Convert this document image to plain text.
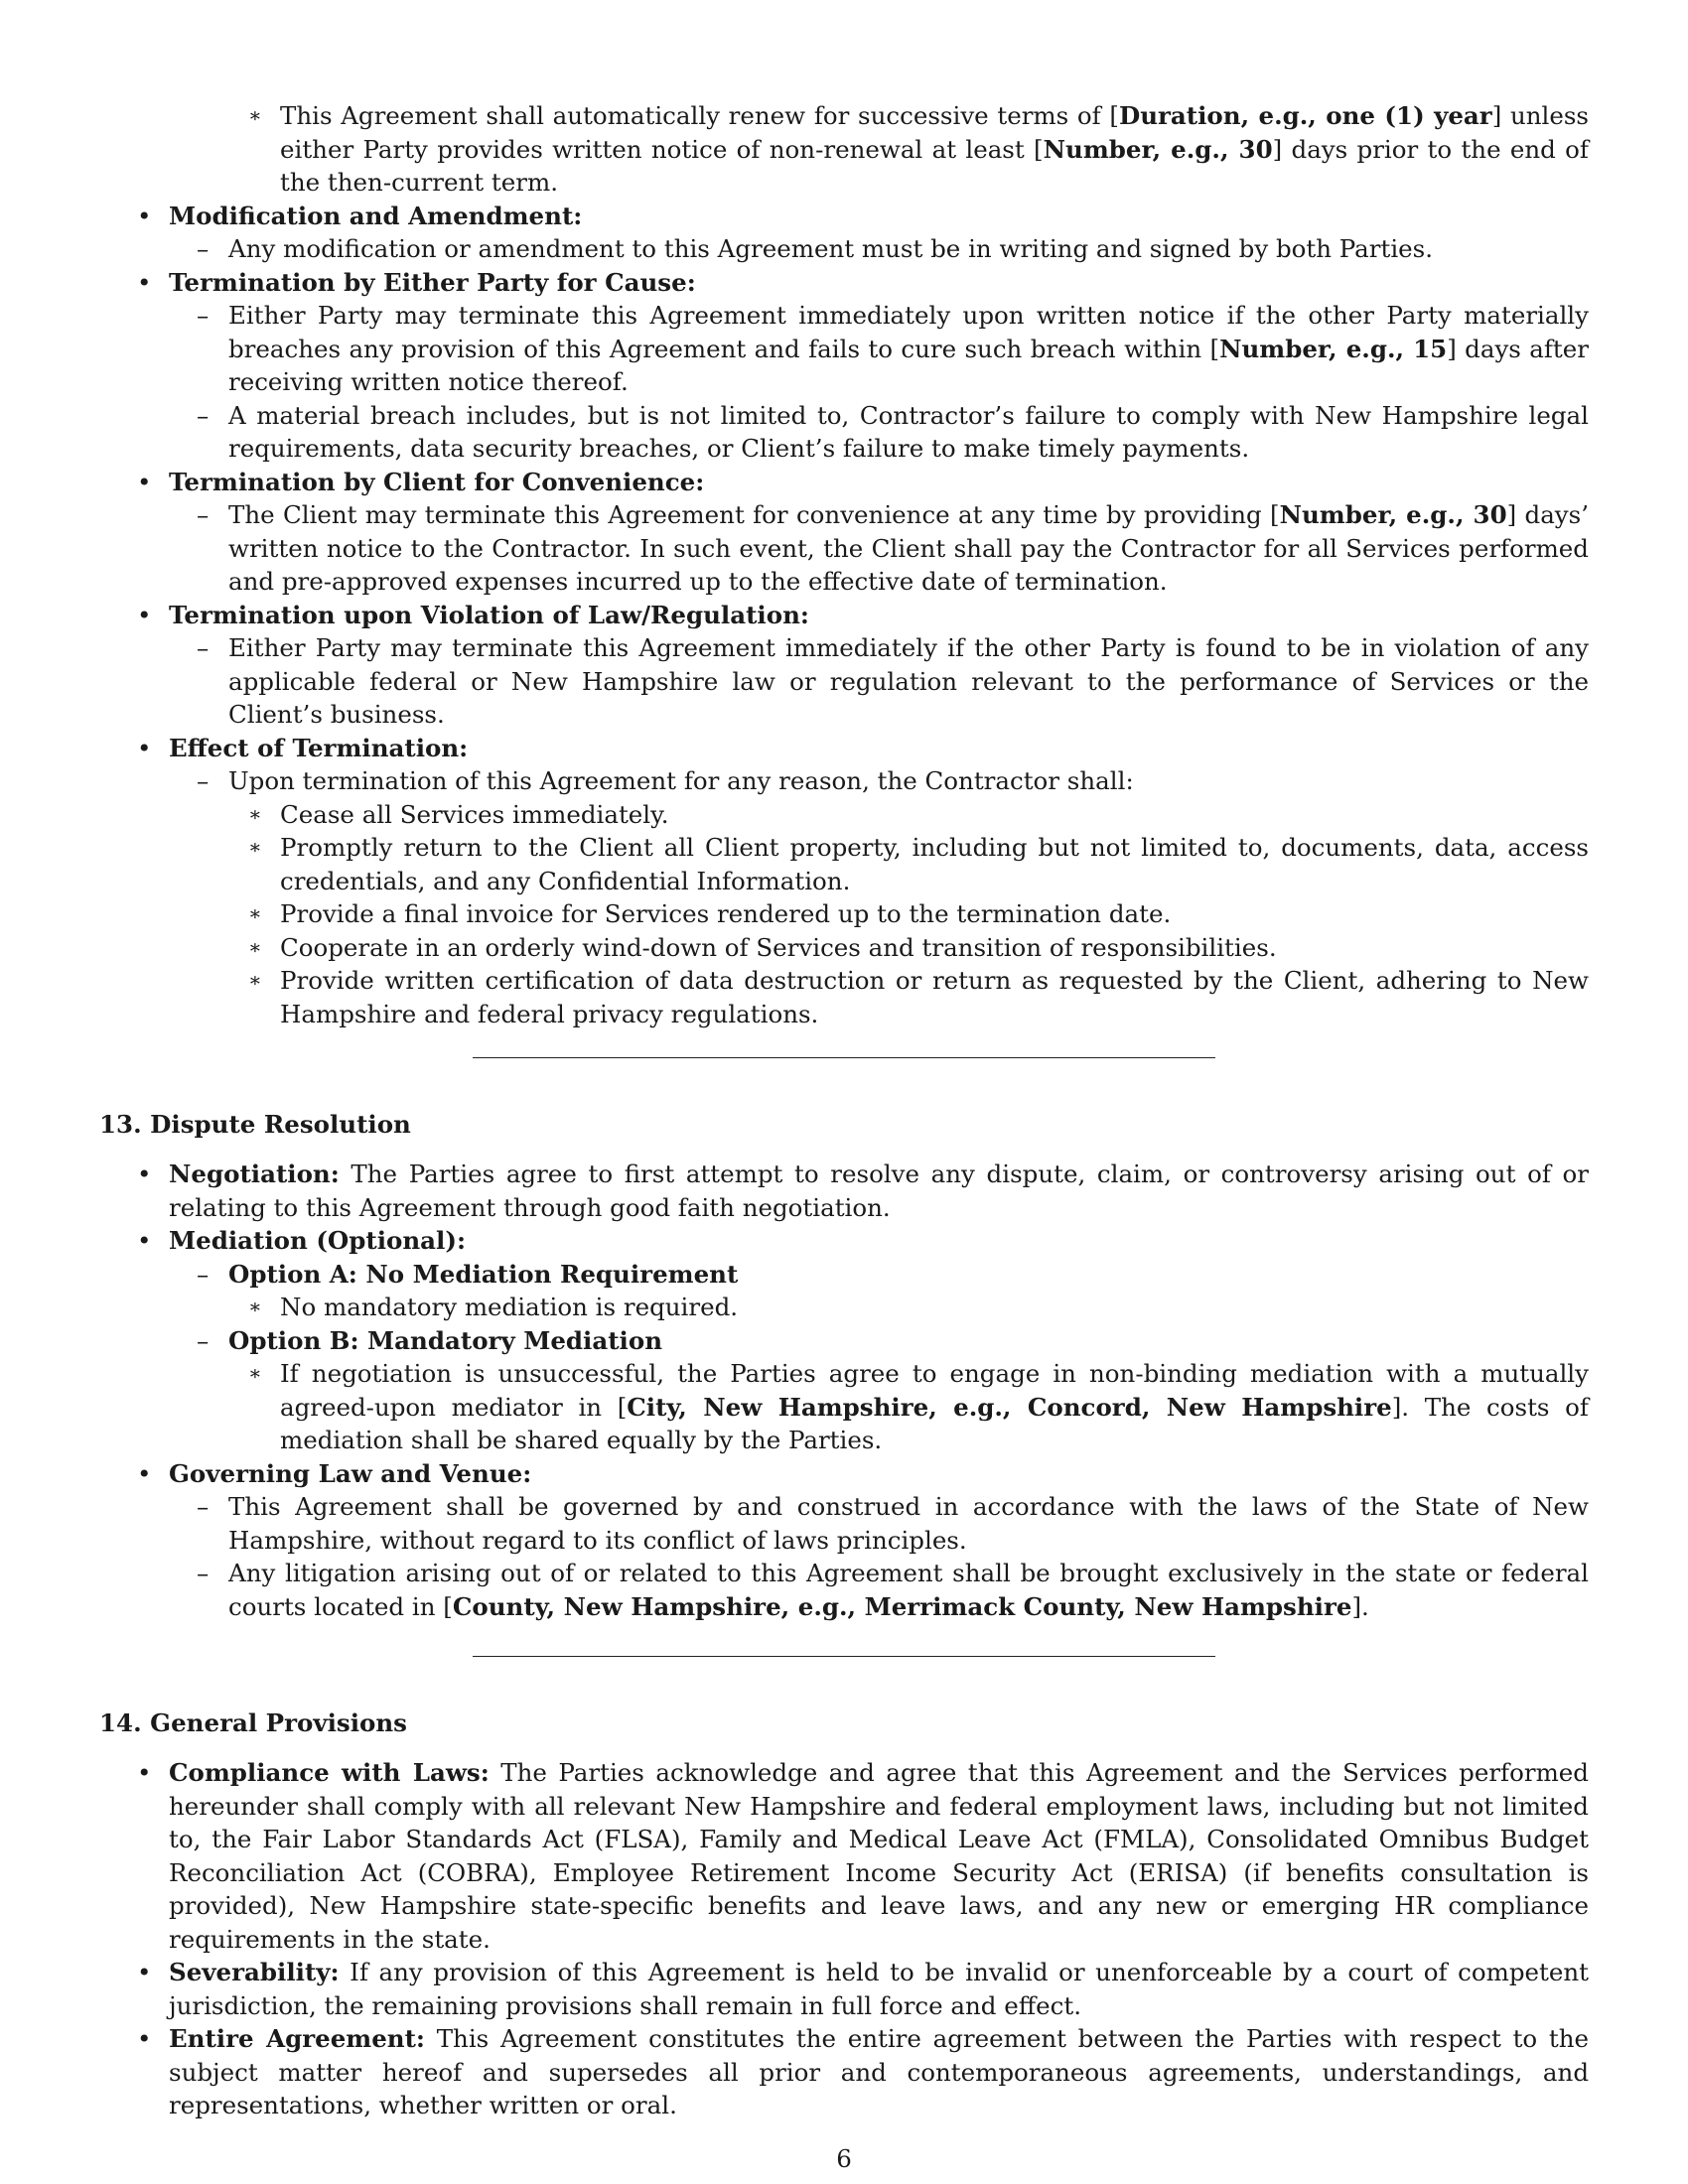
∗ This Agreement shall automatically renew for successive terms of [Duration, e.g., one (1) year] unless either Party provides written notice of non-renewal at least [Number, e.g., 30] days prior to the end of the then-current term.
• Modification and Amendment:
– Any modification or amendment to this Agreement must be in writing and signed by both Parties.
• Termination by Either Party for Cause:
– Either Party may terminate this Agreement immediately upon written notice if the other Party materially breaches any provision of this Agreement and fails to cure such breach within [Number, e.g., 15] days after receiving written notice thereof.
– A material breach includes, but is not limited to, Contractor’s failure to comply with New Hampshire legal requirements, data security breaches, or Client’s failure to make timely payments.
• Termination by Client for Convenience:
– The Client may terminate this Agreement for convenience at any time by providing [Number, e.g., 30] days’ written notice to the Contractor. In such event, the Client shall pay the Contractor for all Services performed and pre-approved expenses incurred up to the effective date of termination.
• Termination upon Violation of Law/Regulation:
– Either Party may terminate this Agreement immediately if the other Party is found to be in violation of any applicable federal or New Hampshire law or regulation relevant to the performance of Services or the Client’s business.
• Effect of Termination:
– Upon termination of this Agreement for any reason, the Contractor shall:
∗ Cease all Services immediately.
∗ Promptly return to the Client all Client property, including but not limited to, documents, data, access credentials, and any Confidential Information.
∗ Provide a final invoice for Services rendered up to the termination date.
∗ Cooperate in an orderly wind-down of Services and transition of responsibilities.
∗ Provide written certification of data destruction or return as requested by the Client, adhering to New Hampshire and federal privacy regulations.
13. Dispute Resolution
• Negotiation: The Parties agree to first attempt to resolve any dispute, claim, or controversy arising out of or relating to this Agreement through good faith negotiation.
• Mediation (Optional):
– Option A: No Mediation Requirement
∗ No mandatory mediation is required.
– Option B: Mandatory Mediation
∗ If negotiation is unsuccessful, the Parties agree to engage in non-binding mediation with a mutually agreed-upon mediator in [City, New Hampshire, e.g., Concord, New Hampshire]. The costs of mediation shall be shared equally by the Parties.
• Governing Law and Venue:
– This Agreement shall be governed by and construed in accordance with the laws of the State of New Hampshire, without regard to its conflict of laws principles.
– Any litigation arising out of or related to this Agreement shall be brought exclusively in the state or federal courts located in [County, New Hampshire, e.g., Merrimack County, New Hampshire].
14. General Provisions
• Compliance with Laws: The Parties acknowledge and agree that this Agreement and the Services performed hereunder shall comply with all relevant New Hampshire and federal employment laws, including but not limited to, the Fair Labor Standards Act (FLSA), Family and Medical Leave Act (FMLA), Consolidated Omnibus Budget Reconciliation Act (COBRA), Employee Retirement Income Security Act (ERISA) (if benefits consultation is provided), New Hampshire state-specific benefits and leave laws, and any new or emerging HR compliance requirements in the state.
• Severability: If any provision of this Agreement is held to be invalid or unenforceable by a court of competent jurisdiction, the remaining provisions shall remain in full force and effect.
• Entire Agreement: This Agreement constitutes the entire agreement between the Parties with respect to the subject matter hereof and supersedes all prior and contemporaneous agreements, understandings, and representations, whether written or oral.
6
